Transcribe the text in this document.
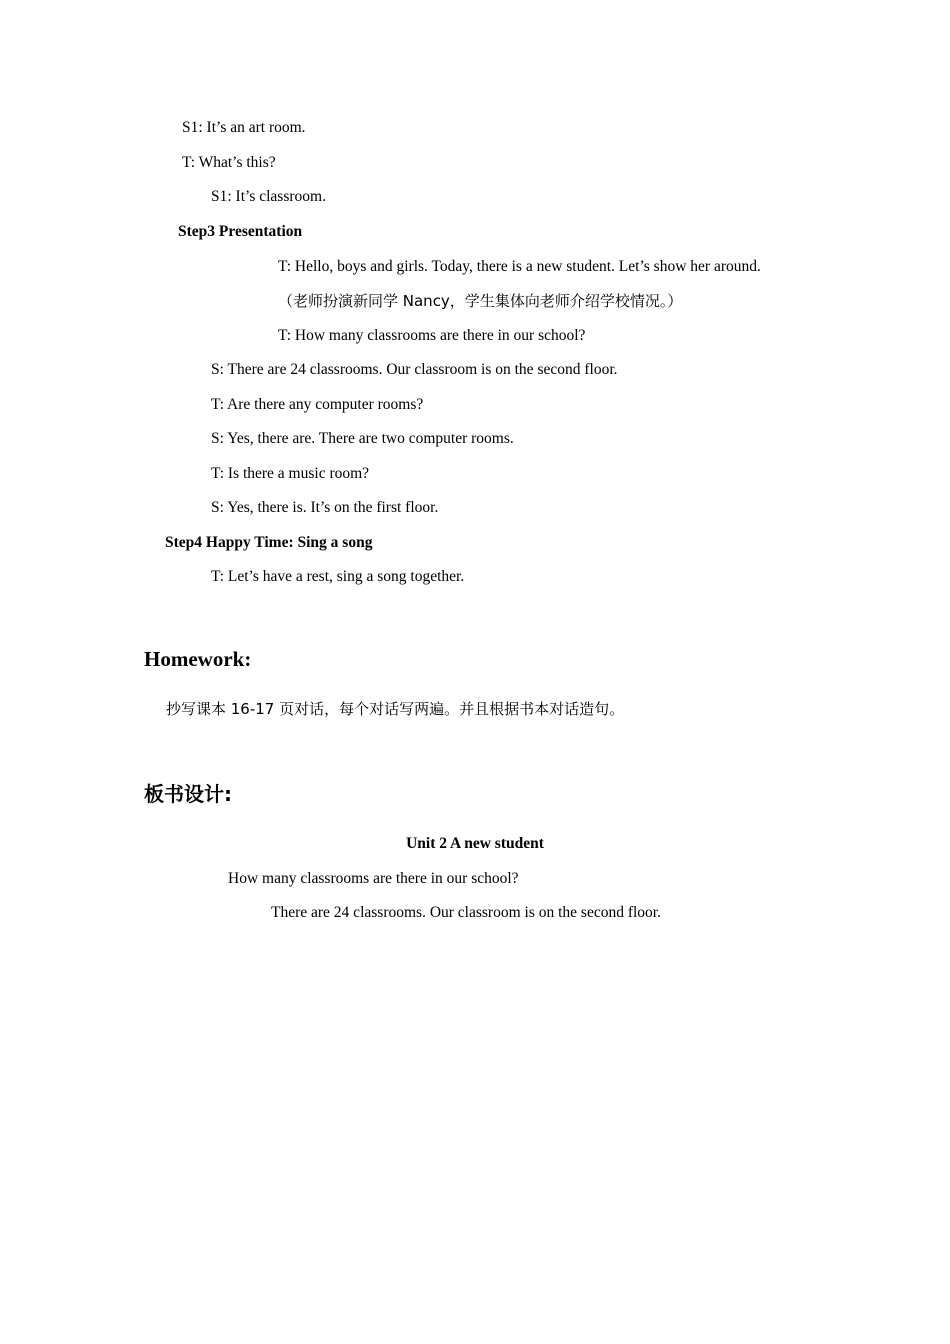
S1: It’s an art room.
T: What’s this?
S1: It’s classroom.
Step3 Presentation
T: Hello, boys and girls. Today, there is a new student. Let’s show her around.
（老师扮演新同学 Nancy，学生集体向老师介绍学校情况。）
T: How many classrooms are there in our school?
S: There are 24 classrooms. Our classroom is on the second floor.
T: Are there any computer rooms?
S: Yes, there are. There are two computer rooms.
T: Is there a music room?
S: Yes, there is. It’s on the first floor.
Step4 Happy Time: Sing a song
T: Let’s have a rest, sing a song together.
Homework:
抄写课本 16-17 页对话，每个对话写两遍。并且根据书本对话造句。
板书设计:
Unit 2 A new student
How many classrooms are there in our school?
There are 24 classrooms. Our classroom is on the second floor.
